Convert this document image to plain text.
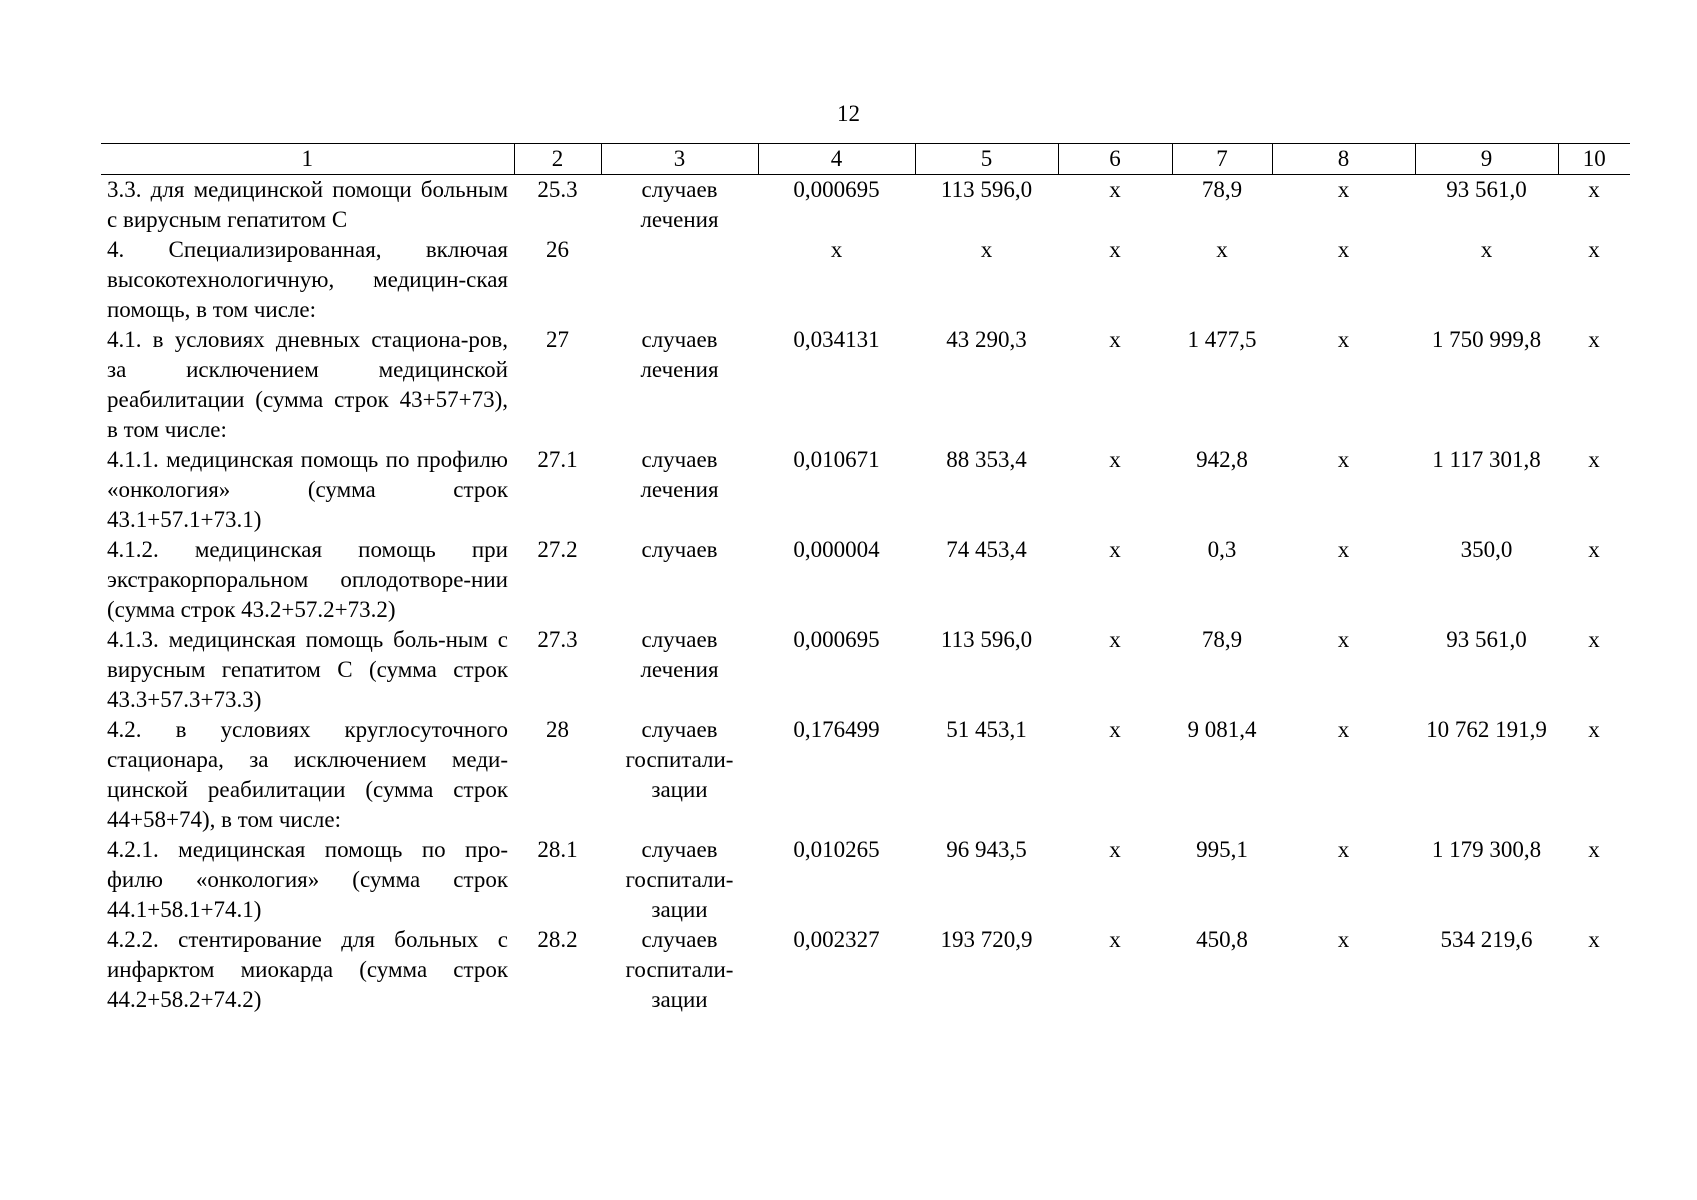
12
1	2	3	4	5	6	7	8	9	10
3.3. для медицинской помощи больным с вирусным гепатитом С	25.3	случаев лечения	0,000695	113 596,0	х	78,9	х	93 561,0	х
4. Специализированная, включая высокотехнологичную, медицин-ская помощь, в том числе:	26		х	х	х	х	х	х	х
4.1. в условиях дневных стациона-ров, за исключением медицинской реабилитации (сумма строк 43+57+73), в том числе:	27	случаев лечения	0,034131	43 290,3	х	1 477,5	х	1 750 999,8	х
4.1.1. медицинская помощь по профилю «онкология» (сумма строк 43.1+57.1+73.1)	27.1	случаев лечения	0,010671	88 353,4	х	942,8	х	1 117 301,8	х
4.1.2. медицинская помощь при экстракорпоральном оплодотворе-нии (сумма строк 43.2+57.2+73.2)	27.2	случаев	0,000004	74 453,4	х	0,3	х	350,0	х
4.1.3. медицинская помощь боль-ным с вирусным гепатитом С (сумма строк 43.3+57.3+73.3)	27.3	случаев лечения	0,000695	113 596,0	х	78,9	х	93 561,0	х
4.2. в условиях круглосуточного стационара, за исключением меди-цинской реабилитации (сумма строк 44+58+74), в том числе:	28	случаев госпитали-зации	0,176499	51 453,1	х	9 081,4	х	10 762 191,9	х
4.2.1. медицинская помощь по про-филю «онкология» (сумма строк 44.1+58.1+74.1)	28.1	случаев госпитали-зации	0,010265	96 943,5	х	995,1	х	1 179 300,8	х
4.2.2. стентирование для больных с инфарктом миокарда (сумма строк 44.2+58.2+74.2)	28.2	случаев госпитали-зации	0,002327	193 720,9	х	450,8	х	534 219,6	х
